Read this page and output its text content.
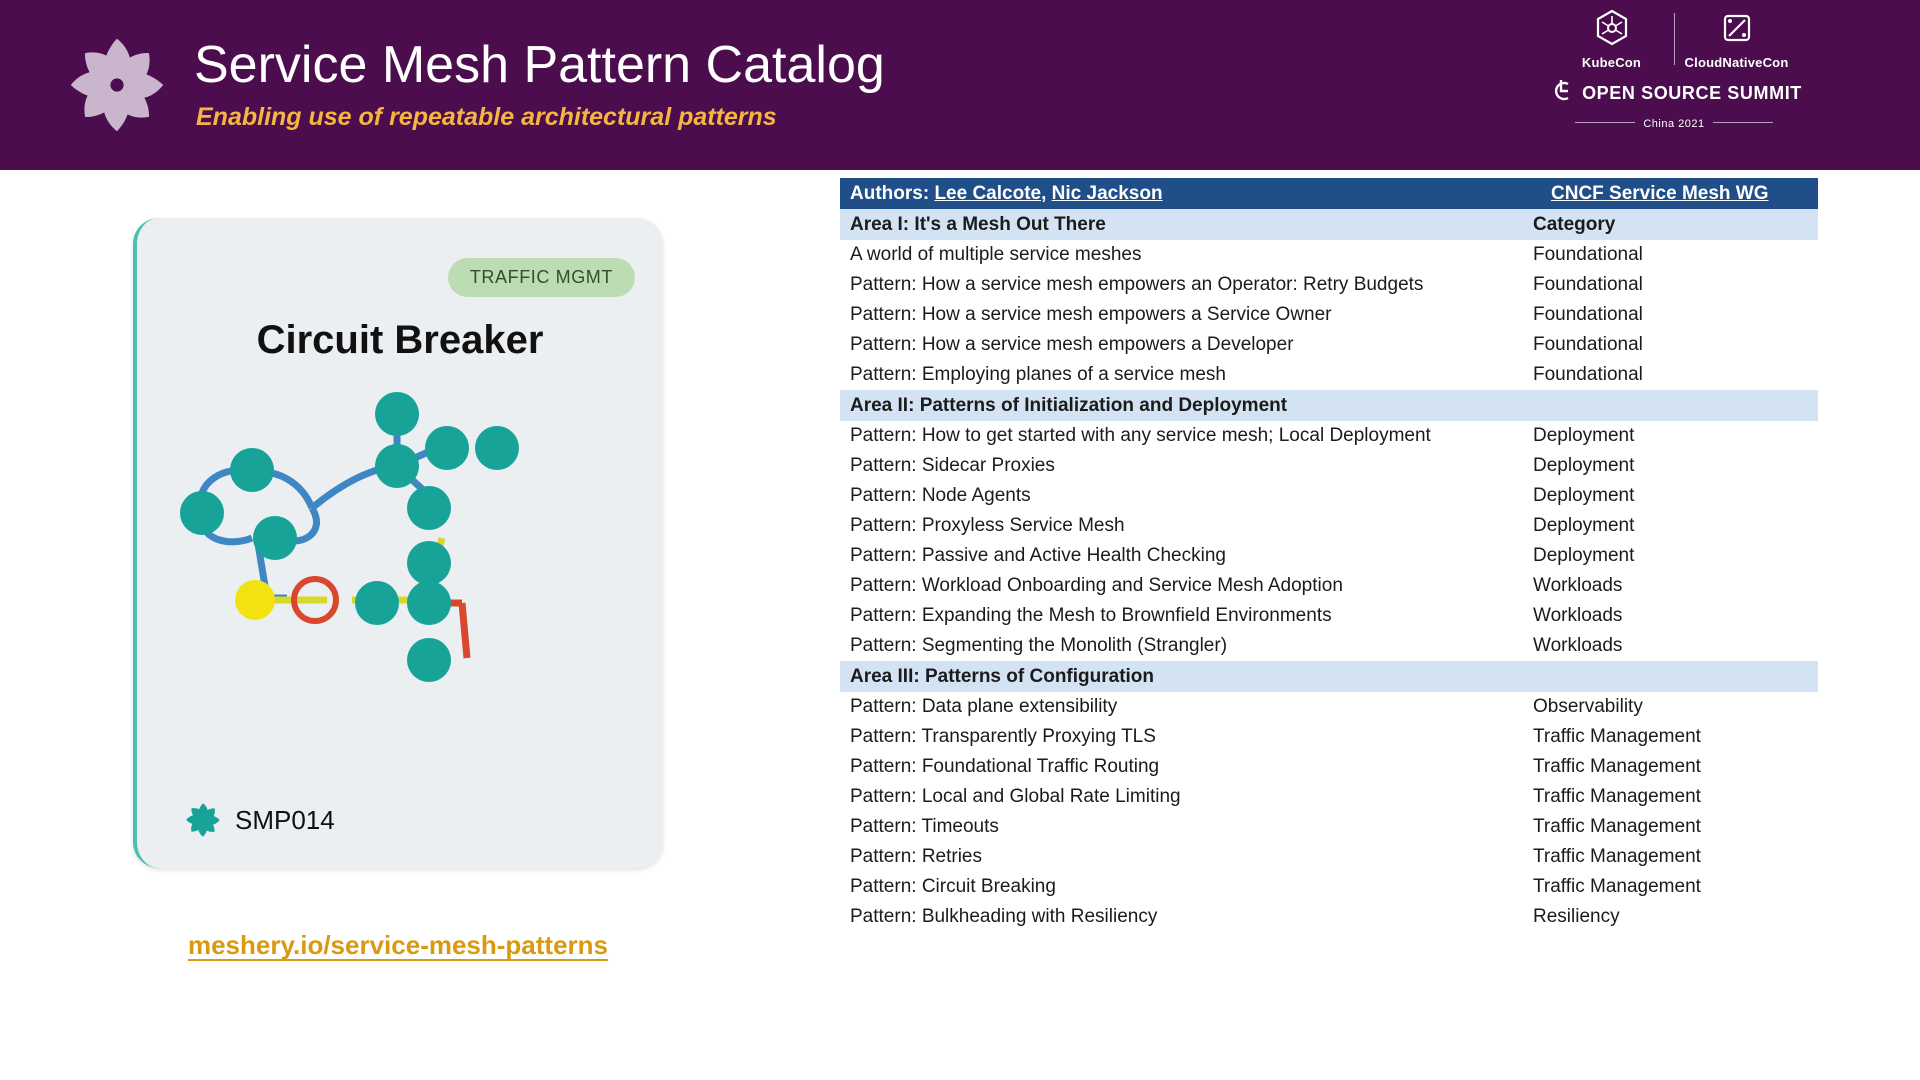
Service Mesh Pattern Catalog
Enabling use of repeatable architectural patterns
KubeCon	CloudNativeCon
OPEN SOURCE SUMMIT
China 2021
TRAFFIC MGMT
Circuit Breaker
SMP014
meshery.io/service-mesh-patterns
Authors: Lee Calcote, Nic Jackson	CNCF Service Mesh WG
Area I: It's a Mesh Out There	Category
A world of multiple service meshes	Foundational
Pattern: How a service mesh empowers an Operator: Retry Budgets	Foundational
Pattern: How a service mesh empowers a Service Owner	Foundational
Pattern: How a service mesh empowers a Developer	Foundational
Pattern: Employing planes of a service mesh	Foundational
Area II: Patterns of Initialization and Deployment
Pattern: How to get started with any service mesh; Local Deployment	Deployment
Pattern: Sidecar Proxies	Deployment
Pattern: Node Agents	Deployment
Pattern: Proxyless Service Mesh	Deployment
Pattern: Passive and Active Health Checking	Deployment
Pattern: Workload Onboarding and Service Mesh Adoption	Workloads
Pattern: Expanding the Mesh to Brownfield Environments	Workloads
Pattern: Segmenting the Monolith (Strangler)	Workloads
Area III: Patterns of Configuration
Pattern: Data plane extensibility	Observability
Pattern: Transparently Proxying TLS	Traffic Management
Pattern: Foundational Traffic Routing	Traffic Management
Pattern: Local and Global Rate Limiting	Traffic Management
Pattern: Timeouts	Traffic Management
Pattern: Retries	Traffic Management
Pattern: Circuit Breaking	Traffic Management
Pattern: Bulkheading with Resiliency	Resiliency
